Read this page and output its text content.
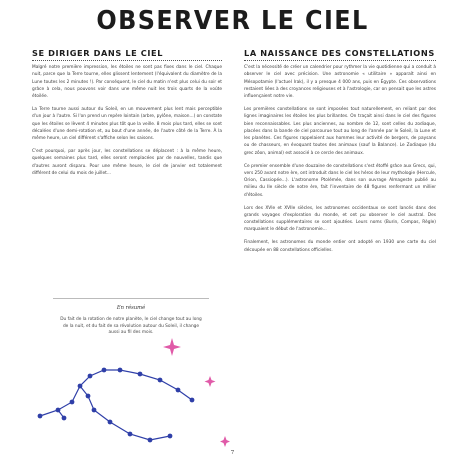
OBSERVER LE CIEL
SE DIRIGER DANS LE CIEL

Malgré notre première impression, les étoiles ne sont pas fixes dans le ciel. Chaque nuit, parce que la Terre tourne, elles glissent lentement (l'équivalent du diamètre de la Lune toutes les 2 minutes !). Par conséquent, le ciel du matin n'est plus celui du soir et grâce à cela, nous pouvons voir dans une même nuit les trois quarts de la voûte étoilée.

La Terre tourne aussi autour du Soleil, en un mouvement plus lent mais perceptible d'un jour à l'autre. Si l'on prend un repère lointain (arbre, pylône, maison...) on constate que les étoiles se lèvent 4 minutes plus tôt que la veille. 8 mois plus tard, elles se sont décalées d'une demi-rotation et, au bout d'une année, de l'autre côté de la Terre. À la même heure, un ciel différent s'affiche selon les saisons.

C'est pourquoi, par après jour, les constellations se déplacent : à la même heure, quelques semaines plus tard, elles seront remplacées par de nouvelles, tandis que d'autres auront disparu. Pour une même heure, le ciel de janvier est totalement différent de celui du mois de juillet...

En résumé
Du fait de la rotation de notre planète, le ciel change tout au long de la nuit, et du fait de sa révolution autour du Soleil, il change aussi au fil des mois.
LA NAISSANCE DES CONSTELLATIONS

C'est la nécessité de créer un calendrier pour rythmer la vie quotidienne qui a conduit à observer le ciel avec précision. Une astronomie « utilitaire » apparaît ainsi en Mésopotamie (l'actuel Irak), il y a presque 4 000 ans, puis en Égypte. Ces observations restaient liées à des croyances religieuses et à l'astrologie, car on pensait que les astres influençaient notre vie.

Les premières constellations se sont imposées tout naturellement, en reliant par des lignes imaginaires les étoiles les plus brillantes. On traçait ainsi dans le ciel des figures bien reconnaissables. Les plus anciennes, au nombre de 12, sont celles du zodiaque, placées dans la bande de ciel parcourue tout au long de l'année par le Soleil, la Lune et les planètes. Ces figures rappelaient aux hommes leur activité de bergers, de paysans ou de chasseurs, en évoquant toutes des animaux (sauf la Balance). Le Zodiaque (du grec zôon, animal) est associé à ce cercle des animaux.

Ce premier ensemble d'une douzaine de constellations s'est étoffé grâce aux Grecs, qui, vers 250 avant notre ère, ont introduit dans le ciel les héros de leur mythologie (Hercule, Orion, Cassiopée...). L'astronome Ptolémée, dans son ouvrage Almageste publié au milieu du IIe siècle de notre ère, fait l'inventaire de 48 figures renfermant un millier d'étoiles.

Lors des XVIe et XVIIe siècles, les astronomes occidentaux se sont lancés dans des grands voyages d'exploration du monde, et ont pu observer le ciel austral. Des constellations supplémentaires se sont ajoutées. Leurs noms (Burin, Compas, Règle) marquaient le début de l'astronomie...

Finalement, les astronomes du monde entier ont adopté en 1930 une carte du ciel découpée en 88 constellations officielles.

7
